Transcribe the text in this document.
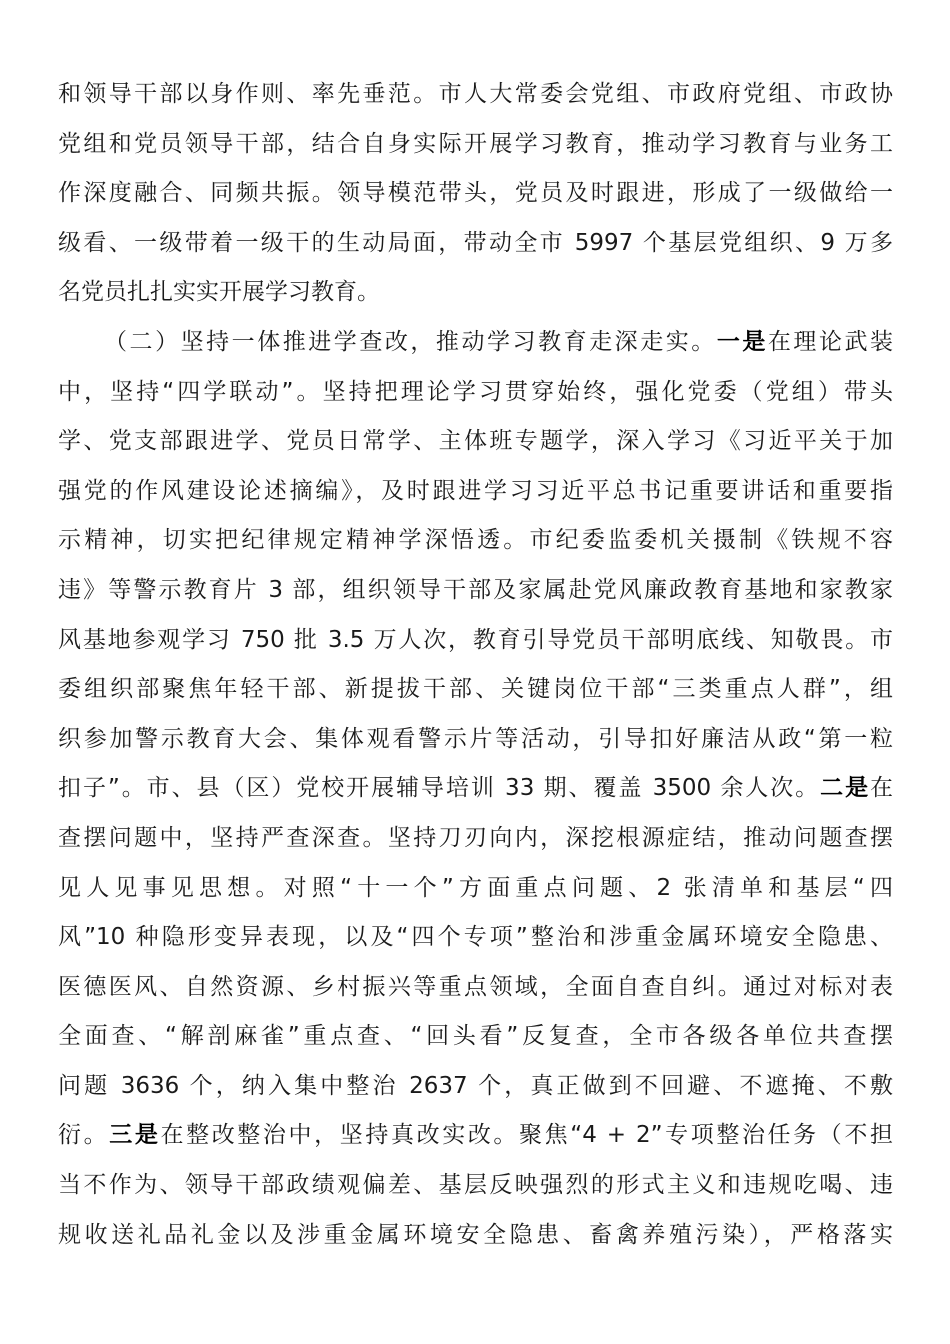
和领导干部以身作则、率先垂范。市人大常委会党组、市政府党组、市政协
党组和党员领导干部，结合自身实际开展学习教育，推动学习教育与业务工
作深度融合、同频共振。领导模范带头，党员及时跟进，形成了一级做给一
级看、一级带着一级干的生动局面，带动全市 5997 个基层党组织、9 万多
名党员扎扎实实开展学习教育。
（二）坚持一体推进学查改，推动学习教育走深走实。一是在理论武装
中，坚持“四学联动”。坚持把理论学习贯穿始终，强化党委（党组）带头
学、党支部跟进学、党员日常学、主体班专题学，深入学习《习近平关于加
强党的作风建设论述摘编》，及时跟进学习习近平总书记重要讲话和重要指
示精神，切实把纪律规定精神学深悟透。市纪委监委机关摄制《铁规不容
违》等警示教育片 3 部，组织领导干部及家属赴党风廉政教育基地和家教家
风基地参观学习 750 批 3.5 万人次，教育引导党员干部明底线、知敬畏。市
委组织部聚焦年轻干部、新提拔干部、关键岗位干部“三类重点人群”，组
织参加警示教育大会、集体观看警示片等活动，引导扣好廉洁从政“第一粒
扣子”。市、县（区）党校开展辅导培训 33 期、覆盖 3500 余人次。二是在
查摆问题中，坚持严查深查。坚持刀刃向内，深挖根源症结，推动问题查摆
见人见事见思想。对照“十一个”方面重点问题、2 张清单和基层“四
风”10 种隐形变异表现，以及“四个专项”整治和涉重金属环境安全隐患、
医德医风、自然资源、乡村振兴等重点领域，全面自查自纠。通过对标对表
全面查、“解剖麻雀”重点查、“回头看”反复查，全市各级各单位共查摆
问题 3636 个，纳入集中整治 2637 个，真正做到不回避、不遮掩、不敷
衍。三是在整改整治中，坚持真改实改。聚焦“4 + 2”专项整治任务（不担
当不作为、领导干部政绩观偏差、基层反映强烈的形式主义和违规吃喝、违
规收送礼品礼金以及涉重金属环境安全隐患、畜禽养殖污染），严格落实
